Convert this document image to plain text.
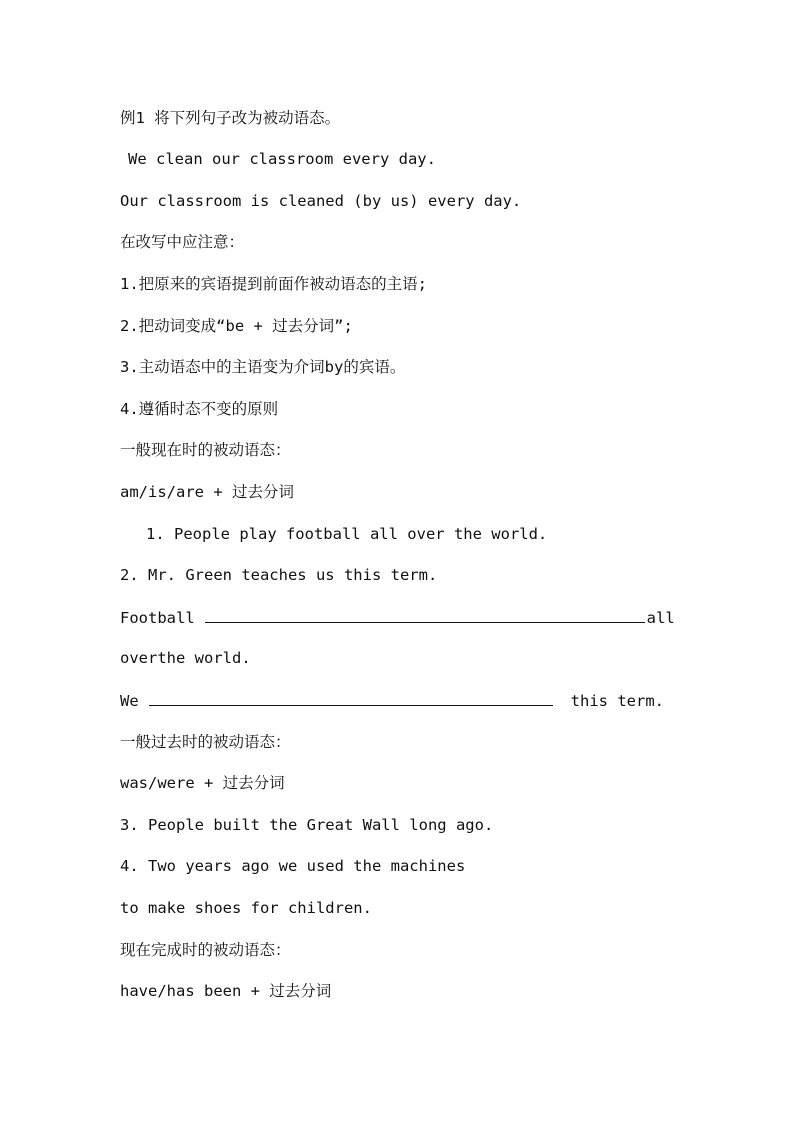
例1 将下列句子改为被动语态。
We clean our classroom every day.
Our classroom is cleaned (by us) every day.
在改写中应注意：
1.把原来的宾语提到前面作被动语态的主语;
2.把动词变成“be + 过去分词”;
3.主动语态中的主语变为介词by的宾语。
4.遵循时态不变的原则
一般现在时的被动语态：
am/is/are + 过去分词
1. People play football all over the world.
2. Mr. Green teaches us this term.
Football	all
overthe world.
We	this term.
一般过去时的被动语态：
was/were + 过去分词
3. People built the Great Wall long ago.
4. Two years ago we used the machines
to make shoes for children.
现在完成时的被动语态：
have/has been + 过去分词
